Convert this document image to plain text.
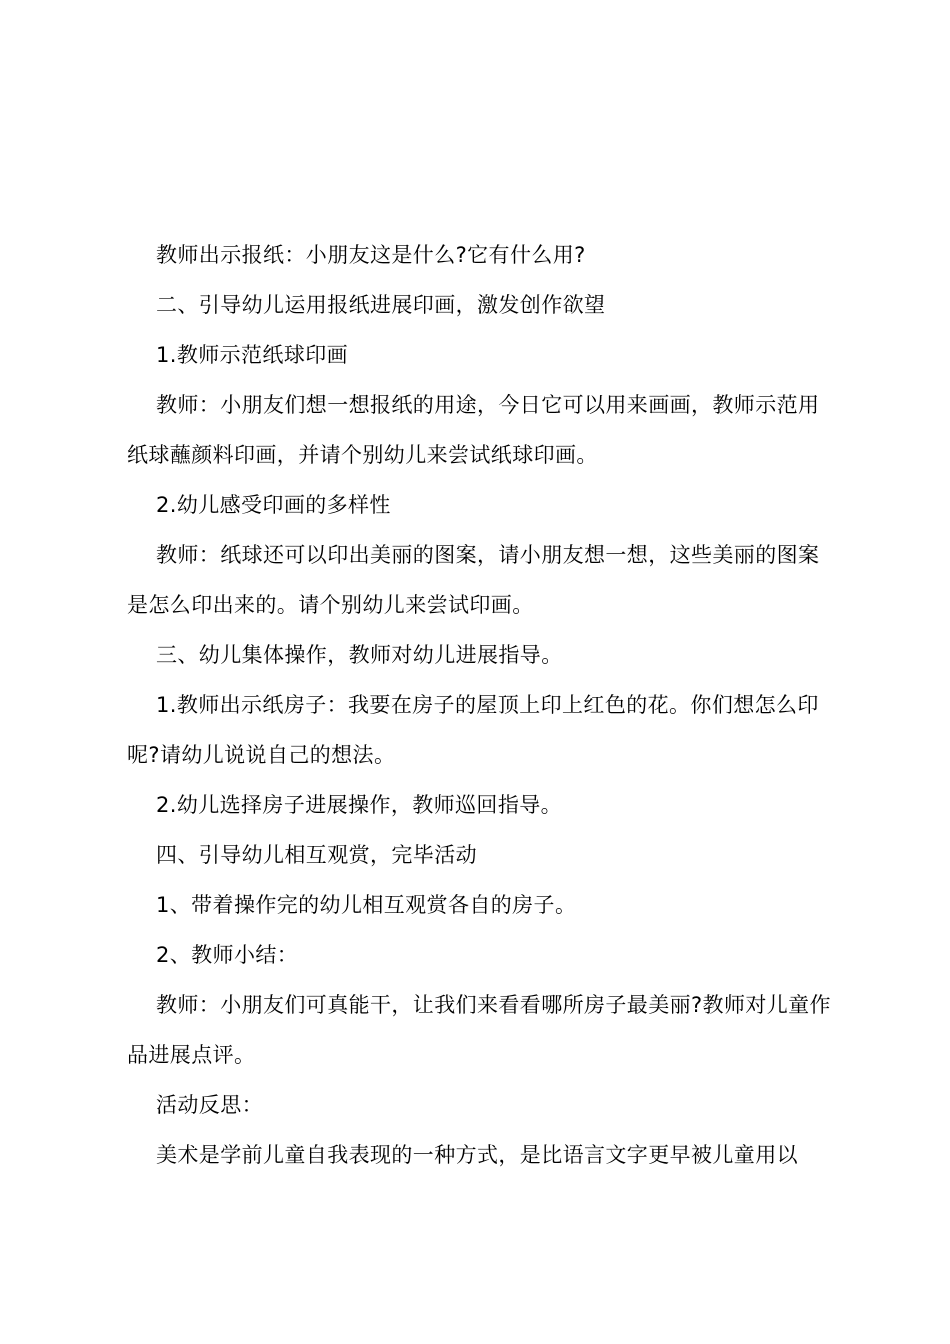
教师出示报纸：小朋友这是什么?它有什么用?

二、引导幼儿运用报纸进展印画，激发创作欲望

1.教师示范纸球印画

教师：小朋友们想一想报纸的用途，今日它可以用来画画，教师示范用纸球蘸颜料印画，并请个别幼儿来尝试纸球印画。

2.幼儿感受印画的多样性

教师：纸球还可以印出美丽的图案，请小朋友想一想，这些美丽的图案是怎么印出来的。请个别幼儿来尝试印画。

三、幼儿集体操作，教师对幼儿进展指导。

1.教师出示纸房子：我要在房子的屋顶上印上红色的花。你们想怎么印呢?请幼儿说说自己的想法。

2.幼儿选择房子进展操作，教师巡回指导。

四、引导幼儿相互观赏，完毕活动

1、带着操作完的幼儿相互观赏各自的房子。

2、教师小结：

教师：小朋友们可真能干，让我们来看看哪所房子最美丽?教师对儿童作品进展点评。

活动反思：

美术是学前儿童自我表现的一种方式，是比语言文字更早被儿童用以
